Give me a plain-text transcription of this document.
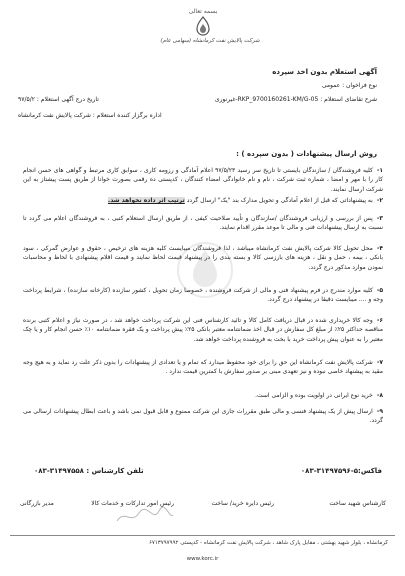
بسمه تعالی
شرکت پالایش نفت کرمانشاه (سهامی عام)
آگهی استعلام بدون اخذ سپرده
نوع فراخوان : عمومی
تاریخ درج آگهی استعلام : ۹۷/۵/۲	شرح تقاضای استعلام : RKP_9700160261-KM/G-05-غیرنوری
اداره برگزار کننده استعلام : شرکت پالایش نفت کرمانشاه
روش ارسال پیشنهادات ( بدون سپرده ) :
۱-کلیه فروشندگان / سازندگان بایستی تا تاریخ سر رسید ۹۷/۵/۲۳ اعلام آمادگی و رزومه کاری ، سوابق کاری مرتبط و گواهی های حسن انجام کار را با مهر و امضا ، شماره ثبت شرکت ، نام و نام خانوادگی امضاء کنندگان ، کدپستی ده رقمی بصورت خوانا از طریق پست پیشتاز به این شرکت ارسال نمایند.
۲-به پیشنهاداتی که قبل از اعلام آمادگی و تحویل مدارک بند "یک" ارسال گردد ترتیب اثر داده نخواهد شد.
۳-پس از بررسی و ارزیابی فروشندگان /سازندگان و تأیید صلاحیت کیفی ، از طریق ارسال استعلام کتبی ، به فروشندگان اعلام می گردد تا نسبت به ارسال پیشنهادات فنی و مالی تا موعد مقرر اقدام نمایند.
۴-محل تحویل کالا شرکت پالایش نفت کرمانشاه میباشد ، لذا فروشندگان میبایست کلیه هزینه های ترخیص ، حقوق و عوارض گمرکی ، سود بانکی ، بیمه ، حمل و نقل ، هزینه های بارزسی کالا و بسته بندی را در پیشنهاد قیمت لحاظ نمایند و قیمت اقلام پیشنهادی با لحاظ و محاسبات نمودن موارد مذکور درج گردد.
۵-کلیه موارد مندرج در فرم پیشنهاد فنی و مالی از شرکت فروشنده ، خصوصا زمان تحویل ، کشور سازنده (کارخانه سازنده) ، شرایط پرداخت وجه و .... میبایست دقیقا در پیشنهاد درج گردد.
۶-وجه کالا خریداری شده در قبال دریافت کامل کالا و تائید کارشناس فنی این شرکت پرداخت خواهد شد ، در صورت نیاز و اعلام کتبی برنده مناقصه حداکثر ۲۵٪ از مبلغ کل سفارش در قبال اخذ ضمانتنامه معتبر بانکی ۲۵٪ پیش پرداخت و یک فقره ضمانتنامه ۱۰٪ حسن انجام کار و یا چک معتبر را به عنوان پیش پرداخت خرید با بخت به فروشنده پرداخت خواهد شد.
۷-شرکت پالایش نفت کرمانشاه این حق را برای خود محفوظ میدارد که تمام و یا تعدادی از پیشنهادات را بدون ذکر علت رد نماید و به هیچ وجه مقید به پیشنهاد خاصی نبوده و نیز تعهدی مبنی بر صدور سفارش با کمترین قیمت ندارد .
۸-خرید نوع ایرانی در اولویت بوده و الزامی است.
۹-ارسال پیش از یک پیشنهاد فنسی و مالی طبق مقررات جاری این شرکت ممنوع و قابل قبول نمی باشد و باعث ابطال پیشنهادات ارسالی می گردد.
فاکس:۵-۳۱۴۹۷۵۹۶-۰۸۳
تلفن کارشناس : ۳۱۴۹۷۵۵۸-۰۸۳
کارشناس شهید ساخت
رئیس دایره خرید/ ساخت
رئیس امور تدارکات و خدمات کالا
مدیر بازرگانی
کرمانشاه ، بلوار شهید بهشتی ، مقابل پارک شاهد ، شرکت پالایش نفت کرمانشاه - کدپستی ۶۷۱۳۷۹۷۹۹۲
www.korc.ir
